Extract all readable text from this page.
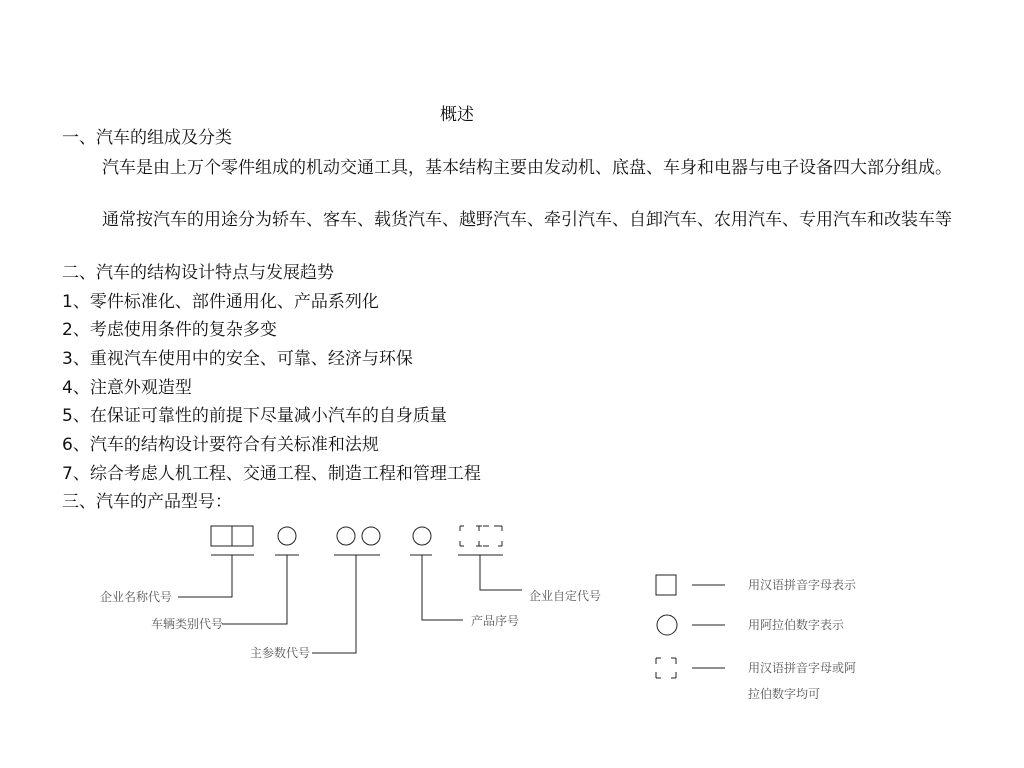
概述
一、汽车的组成及分类
汽车是由上万个零件组成的机动交通工具，基本结构主要由发动机、底盘、车身和电器与电子设备四大部分组成。
通常按汽车的用途分为轿车、客车、载货汽车、越野汽车、牵引汽车、自卸汽车、农用汽车、专用汽车和改装车等
二、汽车的结构设计特点与发展趋势
1、零件标准化、部件通用化、产品系列化
2、考虑使用条件的复杂多变
3、重视汽车使用中的安全、可靠、经济与环保
4、注意外观造型
5、在保证可靠性的前提下尽量减小汽车的自身质量
6、汽车的结构设计要符合有关标准和法规
7、综合考虑人机工程、交通工程、制造工程和管理工程
三、汽车的产品型号：
企业名称代号
车辆类别代号
主参数代号
产品序号
企业自定代号
用汉语拼音字母表示
用阿拉伯数字表示
用汉语拼音字母或阿
拉伯数字均可
